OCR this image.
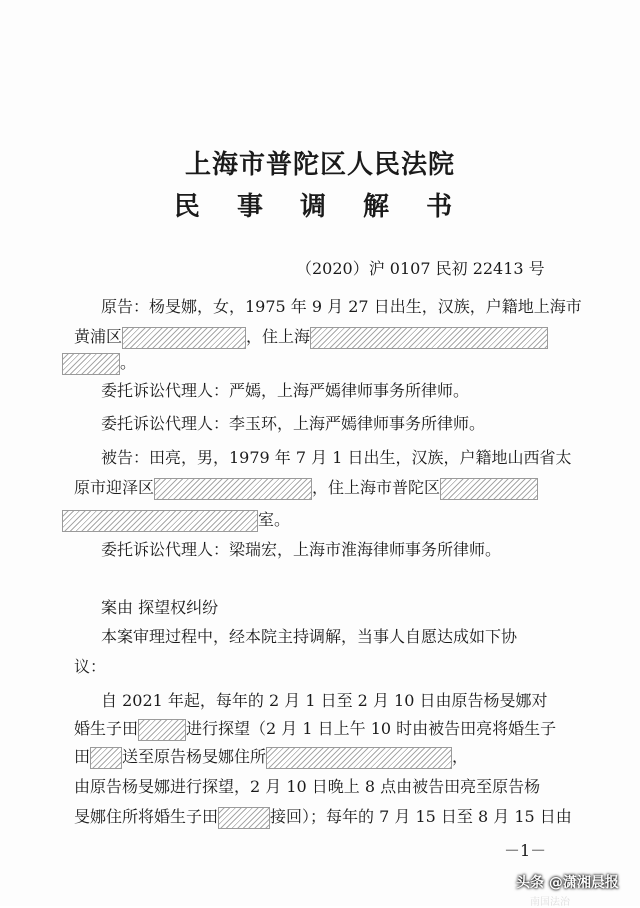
上海市普陀区人民法院
民 事 调 解 书
（2020）沪 0107 民初 22413 号
原告：杨旻娜，女，1975 年 9 月 27 日出生，汉族，户籍地上海市
黄浦区	，住上海
。
委托诉讼代理人：严嫣，上海严嫣律师事务所律师。
委托诉讼代理人：李玉环，上海严嫣律师事务所律师。
被告：田亮，男，1979 年 7 月 1 日出生，汉族，户籍地山西省太
原市迎泽区	，住上海市普陀区
室。
委托诉讼代理人：梁瑞宏，上海市淮海律师事务所律师。
案由 探望权纠纷
本案审理过程中，经本院主持调解，当事人自愿达成如下协
议：
自 2021 年起，每年的 2 月 1 日至 2 月 10 日由原告杨旻娜对
婚生子田	进行探望（2 月 1 日上午 10 时由被告田亮将婚生子
田 送至原告杨旻娜住所	，
由原告杨旻娜进行探望，2 月 10 日晚上 8 点由被告田亮至原告杨
旻娜住所将婚生子田	接回）；每年的 7 月 15 日至 8 月 15 日由
－1－
头条 @潇湘晨报
南国法治
